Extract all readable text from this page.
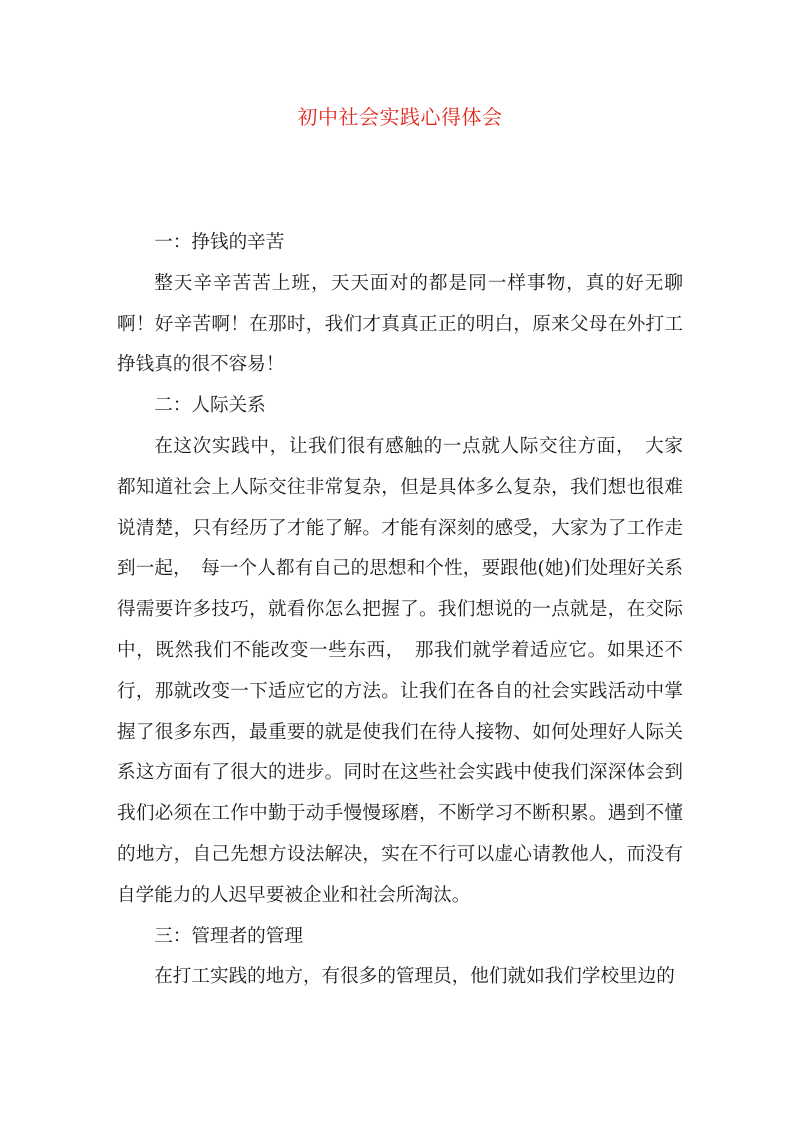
初中社会实践心得体会

一：挣钱的辛苦

整天辛辛苦苦上班，天天面对的都是同一样事物，真的好无聊啊！好辛苦啊！在那时，我们才真真正正的明白，原来父母在外打工挣钱真的很不容易！

二：人际关系

在这次实践中，让我们很有感触的一点就人际交往方面，　大家都知道社会上人际交往非常复杂，但是具体多么复杂，我们想也很难说清楚，只有经历了才能了解。才能有深刻的感受，大家为了工作走到一起，　每一个人都有自己的思想和个性，要跟他(她)们处理好关系得需要许多技巧，就看你怎么把握了。我们想说的一点就是，在交际中，既然我们不能改变一些东西，　那我们就学着适应它。如果还不行，那就改变一下适应它的方法。让我们在各自的社会实践活动中掌握了很多东西，最重要的就是使我们在待人接物、如何处理好人际关系这方面有了很大的进步。同时在这些社会实践中使我们深深体会到我们必须在工作中勤于动手慢慢琢磨，不断学习不断积累。遇到不懂的地方，自己先想方设法解决，实在不行可以虚心请教他人，而没有自学能力的人迟早要被企业和社会所淘汰。

三：管理者的管理

在打工实践的地方，有很多的管理员，他们就如我们学校里边的
